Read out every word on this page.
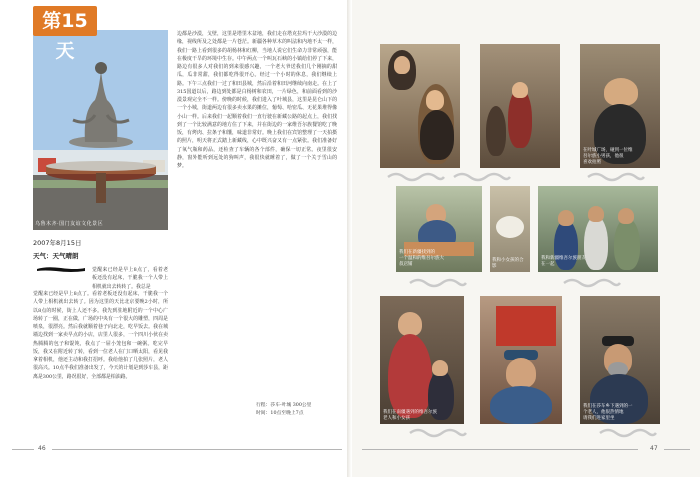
乌鲁木齐·国门友谊文化景区
第15天
2007年8月15日
天气：天气晴朗
觉醒来已经是早上8点了，看着老板还没有起床，干脆我一个人带上相机就出去转转了。我总是
觉醒来已经是早上8点了。看着老板还没有起床，干脆我一个人带上相机就出去转了。因为这里的天比北京要晚2小时，所以8点的时候，街上人还不多。我先到驻地附近的一个中心广场转了一圈，正在做，广场的中央有一个很大的雕塑，四周是喷泉，很漂亮。然后我就顺着巷子向北走，吃早饭去。我在城墙边找到一家卖早点的小店，店里人很多，一个四川小伙在卖热腾腾的包子和馄饨，我点了一屉小笼包和一碗粥。吃完早饭，我又在附近转了转，看到一位老人在门口晒太阳，看见我拿着相机，他还主动和我打招呼。我给他拍了几张照片，老人很高兴。10点半我们准备出发了，今天的计划是到莎车县，距离是300公里，路况很好，全部都是柏油路。
边都是沙漠，戈壁，这里是塔里木盆地，我们走在塔克拉玛干大沙漠的边缘，视线所及之处都是一片苍茫。新疆各种草木的叫法和内地不太一样，我们一路上看到很多的胡杨林和红柳，当地人说它们生命力非常顽强，能在极度干旱的环境中生存。中午两点一个叫瓦石峡的小镇给们停了下来，路边有很多人对我们的到来很感兴趣，一个老大爷送我们几个刚摘的甜瓜，瓜非常甜，我们都吃得很开心。经过一个小时的休息，我们继续上路。下午三点我们一过了和田县城，然后沿着和田河继续向南走。在上了315国道以后，路边到处都是白杨树和农田，一片绿色，和前面看到的沙漠景观完全不一样。傍晚的时候，我们进入了叶城县，这里是昆仑山下的一个小城，街道两边有很多卖水果的摊位，葡萄、哈密瓜、无花果堆得像小山一样。后来我们一起顺着我们一直行驶在新藏公路的起点上，我们找到了一个比较满意的地方住了下来，并在街边的一家维吾尔族餐馆吃了晚饭，有烤肉、拉条子和馕，味道非常好。晚上我们在宾馆整理了一天拍摄的照片，明天将正式踏上新藏线，心中既兴奋又有一点紧张。我们准备好了氧气瓶和药品，还检查了车辆的各个部件，确保一切正常。夜里很安静，窗外能听到远处的狗叫声，我很快就睡着了，做了一个关于雪山的梦。
行程：莎车-叶城 300公里
时间：10点至晚上7点
46
在叶城广场，碰到一位维
吾尔族小男孩，他很
喜欢拍照
我们在新疆找到的
一个温和的维吾尔族大
叔店铺
我和小女孩的合
影
我和新疆维吾尔族朋友
在一起
我们在南疆遇到的维吾尔族
老人和小女孩
我们在莎车乡下遇到的一
个老人，他很热情地
请我们进家里坐
47
